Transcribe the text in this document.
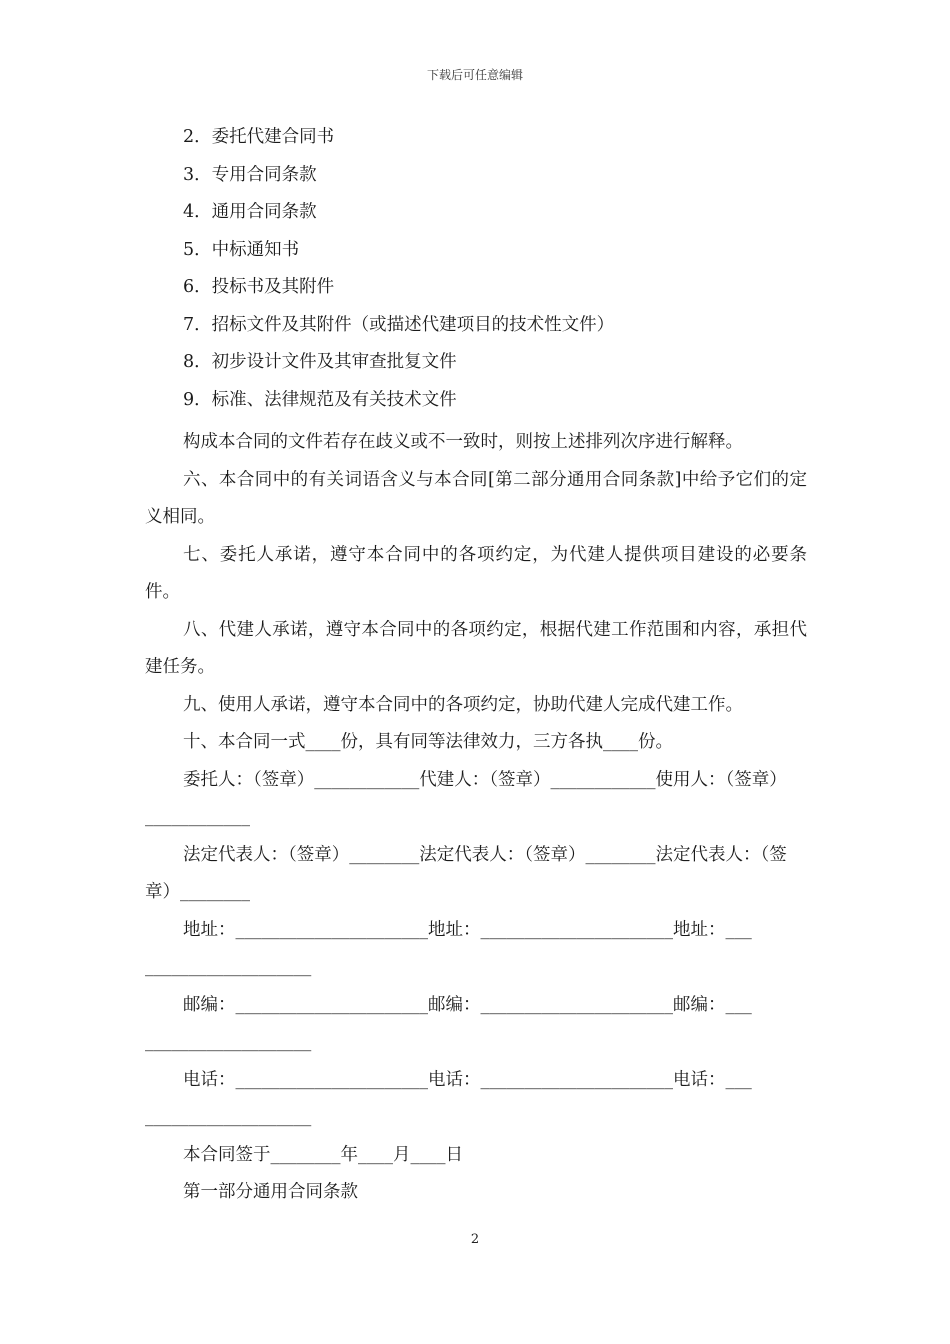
下载后可任意编辑

2．委托代建合同书

3．专用合同条款

4．通用合同条款

5．中标通知书

6．投标书及其附件

7．招标文件及其附件（或描述代建项目的技术性文件）

8．初步设计文件及其审查批复文件

9．标准、法律规范及有关技术文件

构成本合同的文件若存在歧义或不一致时，则按上述排列次序进行解释。

六、本合同中的有关词语含义与本合同[第二部分通用合同条款]中给予它们的定义相同。

七、委托人承诺，遵守本合同中的各项约定，为代建人提供项目建设的必要条件。

八、代建人承诺，遵守本合同中的各项约定，根据代建工作范围和内容，承担代建任务。

九、使用人承诺，遵守本合同中的各项约定，协助代建人完成代建工作。

十、本合同一式____份，具有同等法律效力，三方各执____份。

委托人：（签章）____________代建人：（签章）____________使用人：（签章）____________

法定代表人：（签章）________法定代表人：（签章）________法定代表人：（签章）________

地址：______________________地址：______________________地址：___
___________________
邮编：______________________邮编：______________________邮编：___
___________________
电话：______________________电话：______________________电话：___
___________________

本合同签于________年____月____日

第一部分通用合同条款

2
